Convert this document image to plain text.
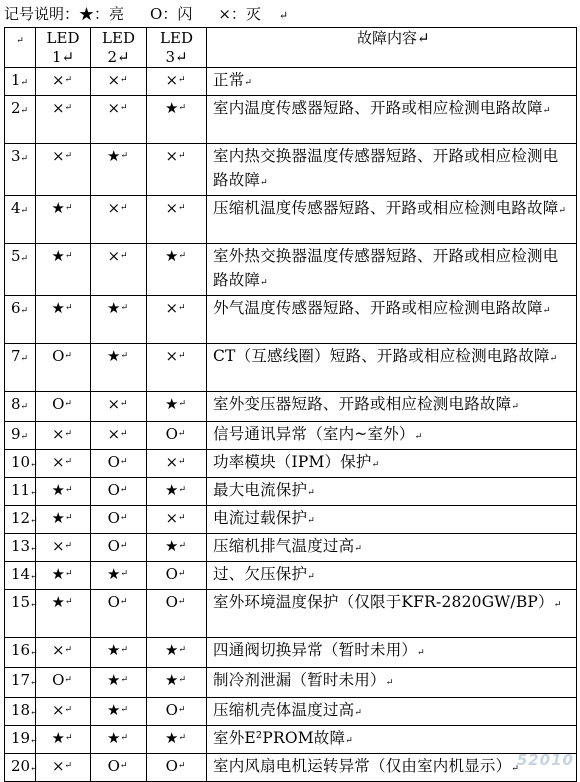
记号说明：★：亮 O：闪 ×：灭 ↵
↵	LED 1↵	LED 2↵	LED 3↵	故障内容↵
1↵	×↵	×↵	×↵	正常↵
2↵	×↵	×↵	★↵	室内温度传感器短路、开路或相应检测电路故障↵
3↵	×↵	★↵	×↵	室内热交换器温度传感器短路、开路或相应检测电路故障↵
4↵	★↵	×↵	×↵	压缩机温度传感器短路、开路或相应检测电路故障↵
5↵	★↵	×↵	★↵	室外热交换器温度传感器短路、开路或相应检测电路故障↵
6↵	★↵	★↵	×↵	外气温度传感器短路、开路或相应检测电路故障↵
7↵	O↵	★↵	×↵	CT（互感线圈）短路、开路或相应检测电路故障↵
8↵	O↵	×↵	★↵	室外变压器短路、开路或相应检测电路故障↵
9↵	×↵	×↵	O↵	信号通讯异常（室内~室外）↵
10↵	×↵	O↵	×↵	功率模块（IPM）保护↵
11↵	★↵	O↵	★↵	最大电流保护↵
12↵	★↵	O↵	×↵	电流过载保护↵
13↵	×↵	O↵	★↵	压缩机排气温度过高↵
14↵	★↵	★↵	O↵	过、欠压保护↵
15↵	★↵	O↵	O↵	室外环境温度保护（仅限于KFR-2820GW/BP）↵
16↵	×↵	★↵	★↵	四通阀切换异常（暂时未用）↵
17↵	O↵	★↵	★↵	制冷剂泄漏（暂时未用）↵
18↵	×↵	★↵	O↵	压缩机壳体温度过高↵
19↵	★↵	★↵	★↵	室外E²PROM故障↵
20↵	×↵	O↵	O↵	室内风扇电机运转异常（仅由室内机显示）↵
52010
